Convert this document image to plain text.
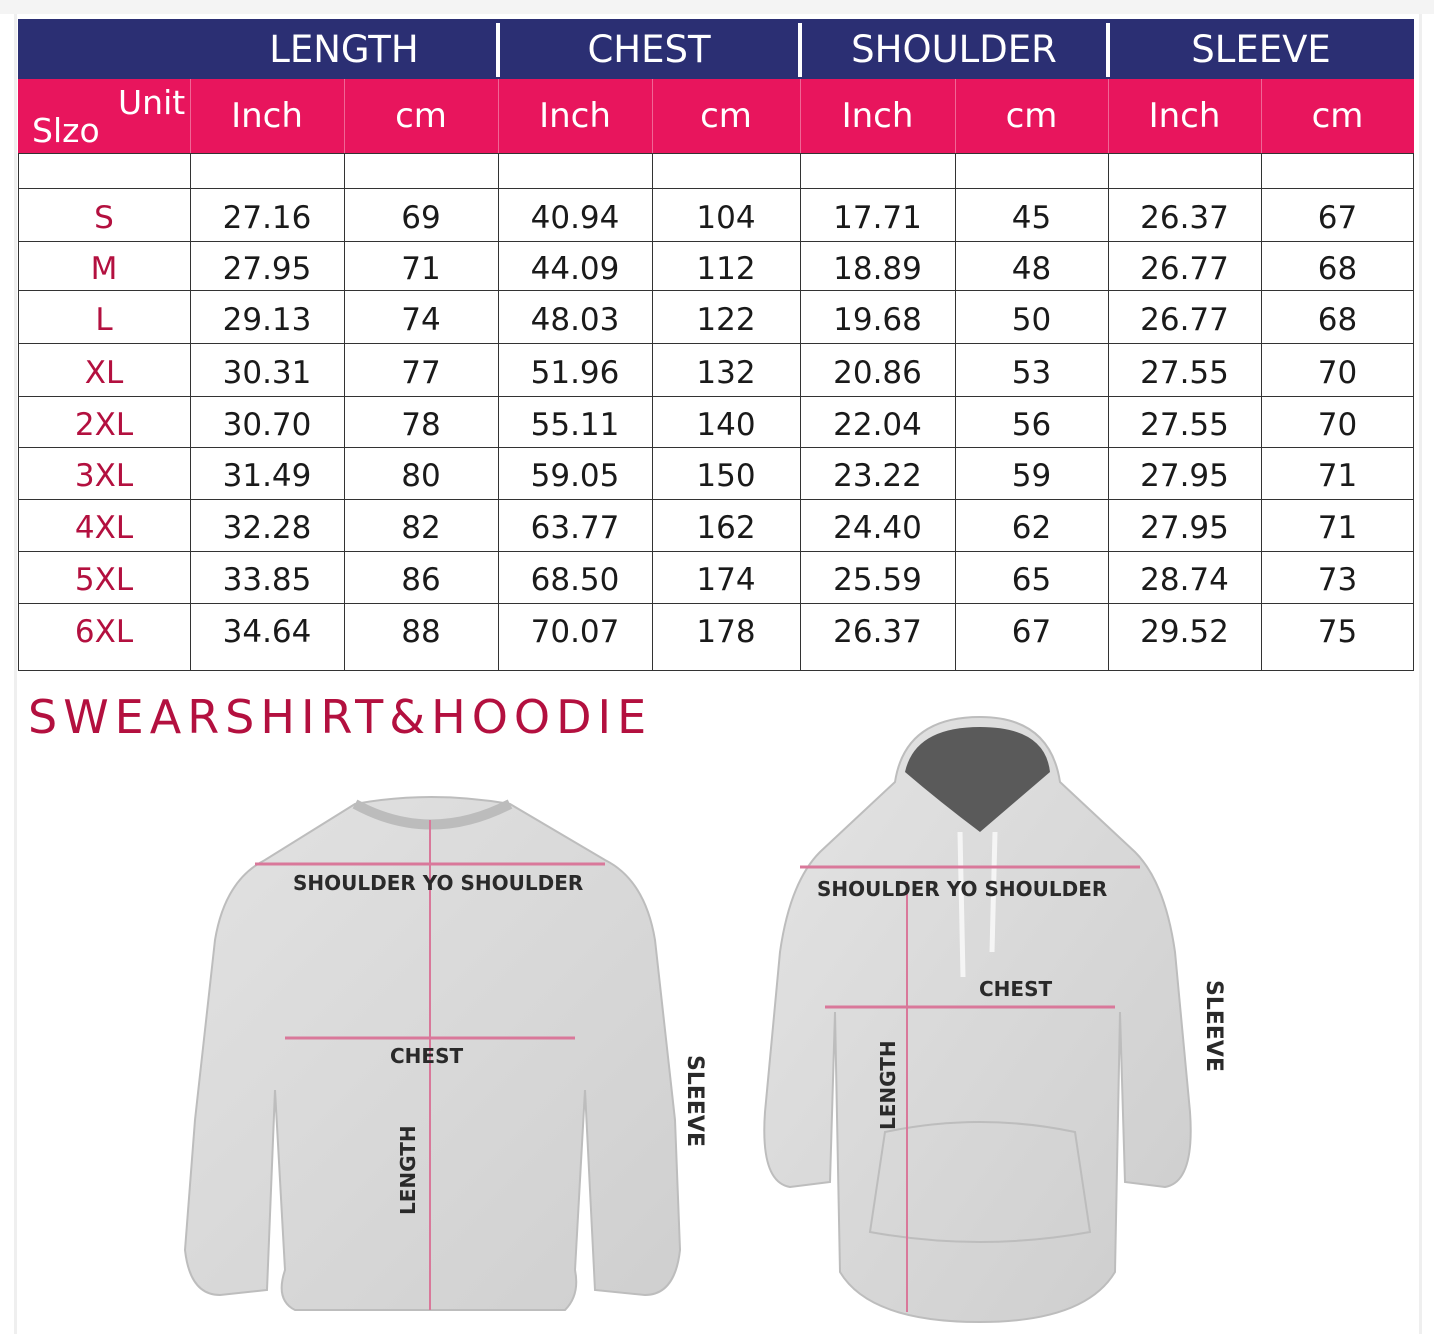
Unit
Slzo
LENGTH	CHEST	SHOULDER	SLEEVE
Inch	cm	Inch	cm	Inch	cm	Inch	cm
S	27.16	69	40.94	104	17.71	45	26.37	67
M	27.95	71	44.09	112	18.89	48	26.77	68
L	29.13	74	48.03	122	19.68	50	26.77	68
XL	30.31	77	51.96	132	20.86	53	27.55	70
2XL	30.70	78	55.11	140	22.04	56	27.55	70
3XL	31.49	80	59.05	150	23.22	59	27.95	71
4XL	32.28	82	63.77	162	24.40	62	27.95	71
5XL	33.85	86	68.50	174	25.59	65	28.74	73
6XL	34.64	88	70.07	178	26.37	67	29.52	75
SWEARSHIRT&HOODIE
SHOULDER YO SHOULDER
CHEST
LENGTH
SLEEVE
SHOULDER YO SHOULDER
CHEST
LENGTH
SLEEVE
